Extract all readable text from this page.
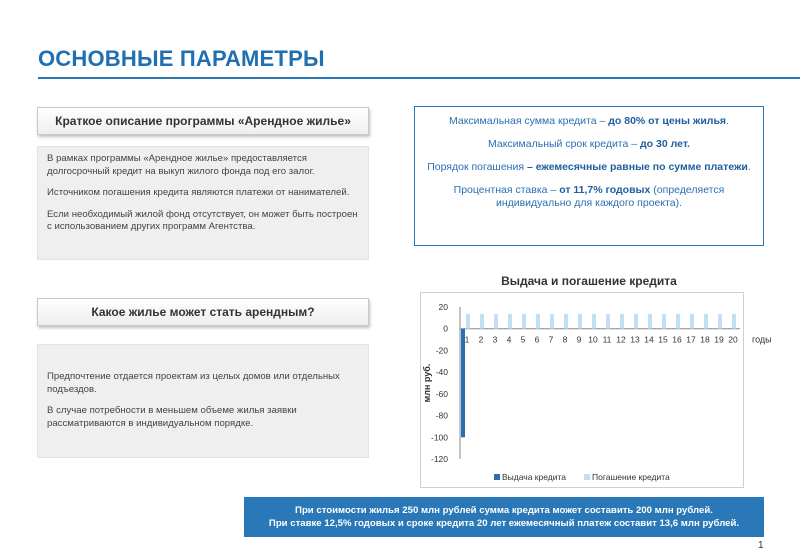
ОСНОВНЫЕ ПАРАМЕТРЫ
Краткое описание программы «Арендное жилье»

В рамках программы «Арендное жилье» предоставляется долгосрочный кредит на выкуп жилого фонда под его залог.

Источником погашения кредита являются платежи от нанимателей.

Если необходимый жилой фонд отсутствует, он может быть построен с использованием других программ Агентства.

Какое жилье может стать арендным?

Предпочтение отдается проектам из целых домов или отдельных подъездов.

В случае потребности в меньшем объеме жилья заявки рассматриваются в индивидуальном порядке.

Максимальная сумма кредита – до 80% от цены жилья.

Максимальный срок кредита – до 30 лет.

Порядок погашения – ежемесячные равные по сумме платежи.

Процентная ставка – от 11,7% годовых (определяется индивидуально для каждого проекта).

Выдача и погашение кредита
20
0
-20
-40
-60
-80
-100
-120
1 2 3 4 5 6 7 8 9 10 11 12 13 14 15 16 17 18 19 20 годы
млн руб.
Выдача кредита	Погашение кредита
При стоимости жилья 250 млн рублей сумма кредита может составить 200 млн рублей.
При ставке 12,5% годовых и сроке кредита 20 лет ежемесячный платеж составит 13,6 млн рублей.
1
